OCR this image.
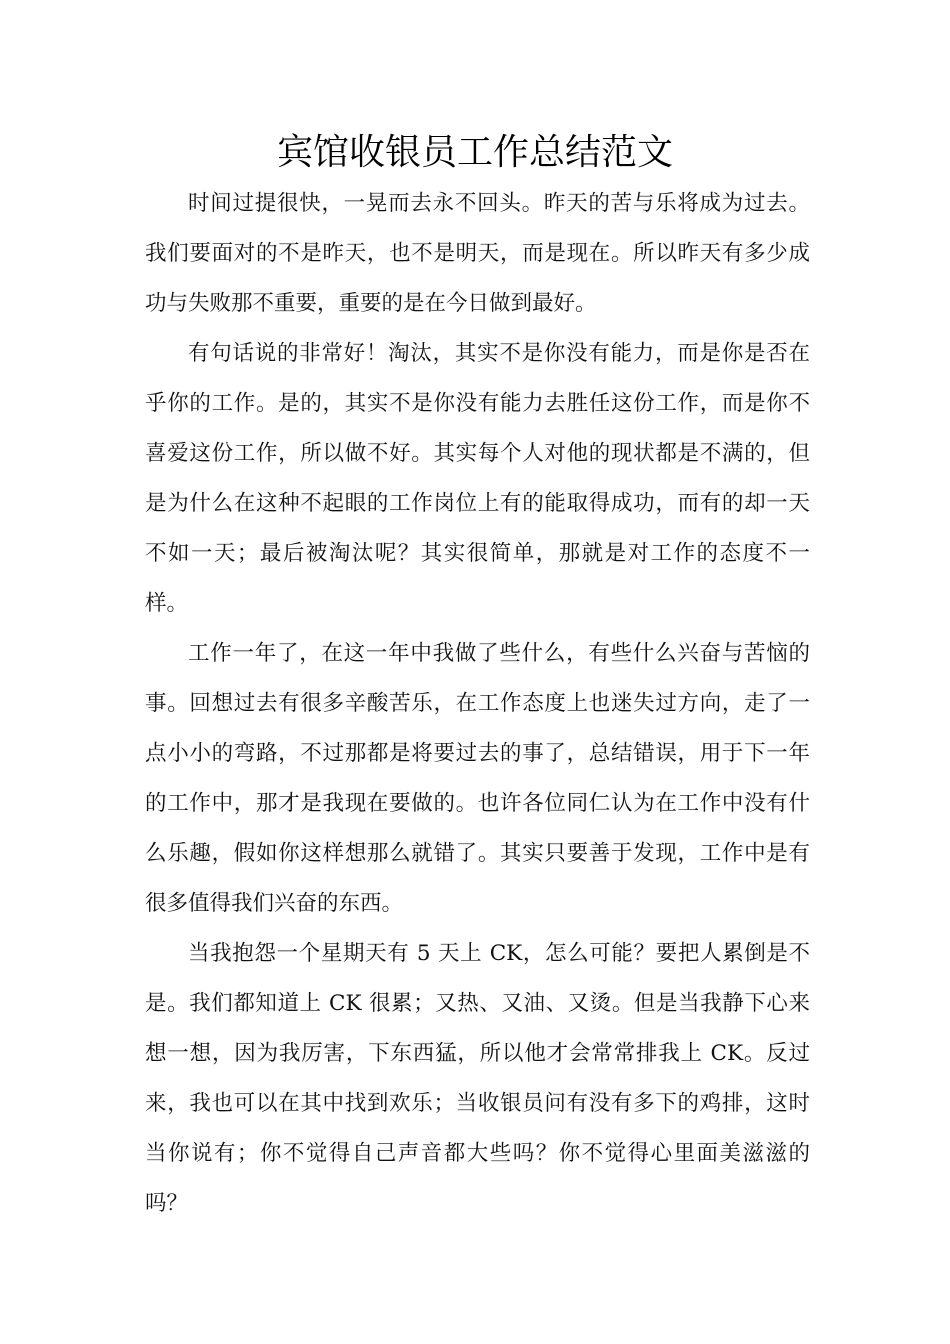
宾馆收银员工作总结范文

时间过提很快，一晃而去永不回头。昨天的苦与乐将成为过去。我们要面对的不是昨天，也不是明天，而是现在。所以昨天有多少成功与失败那不重要，重要的是在今日做到最好。

有句话说的非常好！淘汰，其实不是你没有能力，而是你是否在乎你的工作。是的，其实不是你没有能力去胜任这份工作，而是你不喜爱这份工作，所以做不好。其实每个人对他的现状都是不满的，但是为什么在这种不起眼的工作岗位上有的能取得成功，而有的却一天不如一天；最后被淘汰呢？其实很简单，那就是对工作的态度不一样。

工作一年了，在这一年中我做了些什么，有些什么兴奋与苦恼的事。回想过去有很多辛酸苦乐，在工作态度上也迷失过方向，走了一点小小的弯路，不过那都是将要过去的事了，总结错误，用于下一年的工作中，那才是我现在要做的。也许各位同仁认为在工作中没有什么乐趣，假如你这样想那么就错了。其实只要善于发现，工作中是有很多值得我们兴奋的东西。

当我抱怨一个星期天有 5 天上 CK，怎么可能？要把人累倒是不是。我们都知道上 CK 很累；又热、又油、又烫。但是当我静下心来想一想，因为我厉害，下东西猛，所以他才会常常排我上 CK。反过来，我也可以在其中找到欢乐；当收银员问有没有多下的鸡排，这时当你说有；你不觉得自己声音都大些吗？你不觉得心里面美滋滋的吗？
